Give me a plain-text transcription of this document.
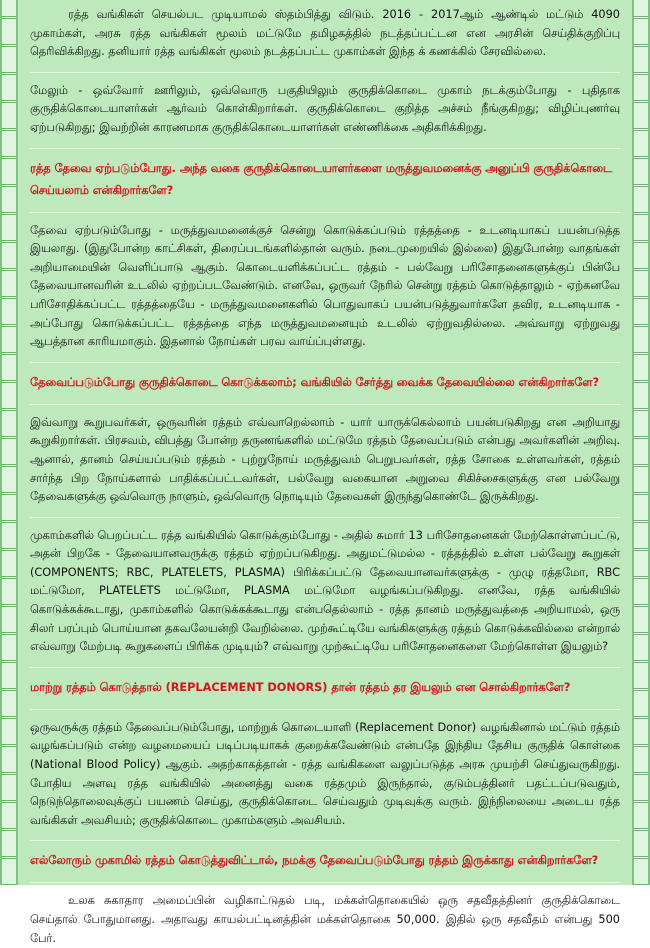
ரத்த வங்கிகள் செயல்பட முடியாமல் ஸ்தம்பித்து விடும். 2016 - 2017ஆம் ஆண்டில் மட்டும் 4090 முகாம்கள், அரசு ரத்த வங்கிகள் மூலம் மட்டுமே தமிழகத்தில் நடத்தப்பட்டன என அரசின் செய்திக்குறிப்பு தெரிவிக்கிறது. தனியார் ரத்த வங்கிகள் மூலம் நடத்தப்பட்ட முகாம்கள் இந்த க் கணக்கில் சேரவில்லை.

மேலும் - ஒவ்வோர் ஊரிலும், ஒவ்வொரு பகுதியிலும் குருதிக்கொடை முகாம் நடக்கும்போது - புதிதாக குருதிக்கொடையாளர்கள் ஆர்வம் கொள்கிறார்கள். குருதிக்கொடை குறித்த அச்சம் நீங்குகிறது; விழிப்புணர்வு ஏற்படுகிறது; இவற்றின் காரணமாக குருதிக்கொடையாளர்கள் எண்ணிக்கை அதிகரிக்கிறது.

ரத்த தேவை ஏற்படும்போது. அந்த வகை குருதிக்கொடையாளர்களை மருத்துவமனைக்கு அனுப்பி குருதிக்கொடை செய்யலாம் என்கிறார்களே?

தேவை ஏற்படும்போது - மருத்துவமனைக்குச் சென்று கொடுக்கப்படும் ரத்தத்தை - உடனடியாகப் பயன்படுத்த இயலாது. (இதுபோன்ற காட்சிகள், திரைப்படங்களில்தான் வரும். நடைமுறையில் இல்லை) இதுபோன்ற வாதங்கள் அறியாமையின் வெளிப்பாடு ஆகும். கொடையளிக்கப்பட்ட ரத்தம் - பல்வேறு பரிசோதனைகளுக்குப் பின்பே தேவையானவரின் உடலில் ஏற்றப்படவேண்டும். எனவே, ஒருவர் நேரில் சென்று ரத்தம் கொடுத்தாலும் - ஏற்கனவே பரிசோதிக்கப்பட்ட ரத்தத்தையே - மருத்துவமனைகளில் பொதுவாகப் பயன்படுத்துவார்களே தவிர, உடனடியாக - அப்போது கொடுக்கப்பட்ட ரத்தத்தை எந்த மருத்துவமனையும் உடலில் ஏற்றுவதில்லை. அவ்வாறு ஏற்றுவது ஆபத்தான காரியமாகும். இதனால் நோய்கள் பரவ வாய்ப்புள்ளது.

தேவைப்படும்போது குருதிக்கொடை கொடுக்கலாம்; வங்கியில் சேர்த்து வைக்க தேவையில்லை என்கிறார்களே?

இவ்வாறு கூறுபவர்கள், ஒருவரின் ரத்தம் எவ்வாறெல்லாம் - யார் யாருக்கெல்லாம் பயன்படுகிறது என அறியாது கூறுகிறார்கள். பிரசவம், விபத்து போன்ற தருணங்களில் மட்டுமே ரத்தம் தேவைப்படும் என்பது அவர்களின் அறிவு. ஆனால், தானம் செய்யப்படும் ரத்தம் - புற்றுநோய் மருத்துவம் பெறுபவர்கள், ரத்த சோகை உள்ளவர்கள், ரத்தம் சார்ந்த பிற நோய்களால் பாதிக்கப்பட்டவர்கள், பல்வேறு வகையான அறுவை சிகிச்சைகளுக்கு என பல்வேறு தேவைகளுக்கு ஒவ்வொரு நாளும், ஒவ்வொரு நொடியும் தேவைகள் இருந்துகொண்டே இருக்கிறது.

முகாம்களில் பெறப்பட்ட ரத்த வங்கியில் கொடுக்கும்போது - அதில் சுமார் 13 பரிசோதனைகள் மேற்கொள்ளப்பட்டு, அதன் பிறகே - தேவையானவருக்கு ரத்தம் ஏற்றப்படுகிறது. அதுமட்டுமல்ல - ரத்தத்தில் உள்ள பல்வேறு கூறுகள் (COMPONENTS; RBC, PLATELETS, PLASMA) பிரிக்கப்பட்டு தேவையானவர்களுக்கு - முழு ரத்தமோ, RBC மட்டுமோ, PLATELETS மட்டுமோ, PLASMA மட்டுமோ வழங்கப்படுகிறது. எனவே, ரத்த வங்கியில் கொடுக்கக்கூடாது, முகாம்களில் கொடுக்கக்கூடாது என்பதெல்லாம் - ரத்த தானம் மருத்துவத்தை அறியாமல், ஒரு சிலர் பரப்பும் பொய்யான தகவலேயன்றி வேறில்லை. முற்கூட்டியே வங்கிகளுக்கு ரத்தம் கொடுக்கவில்லை என்றால் எவ்வாறு மேற்படி கூறுகளைப் பிரிக்க முடியும்? எவ்வாறு முற்கூட்டியே பரிசோதனைகளை மேற்கொள்ள இயலும்?

மாற்று ரத்தம் கொடுத்தால் (REPLACEMENT DONORS) தான் ரத்தம் தர இயலும் என சொல்கிறார்களே?

ஒருவருக்கு ரத்தம் தேவைப்படும்போது, மாற்றுக் கொடையாளி (Replacement Donor) வழங்கினால் மட்டும் ரத்தம் வழங்கப்படும் என்ற வழமையைப் படிப்படியாகக் குறைக்கவேண்டும் என்பதே இந்திய தேசிய குருதிக் கொள்கை (National Blood Policy) ஆகும். அதற்காகத்தான் - ரத்த வங்கிகளை வலுப்படுத்த அரசு முயற்சி செய்துவருகிறது. போதிய அளவு ரத்த வங்கியில் அனைத்து வகை ரத்தமும் இருந்தால், குடும்பத்தினர் பதட்டப்படுவதும், நெடுந்தொலைவுக்குப் பயணம் செய்து, குருதிக்கொடை செய்வதும் முடிவுக்கு வரும். இந்நிலையை அடைய ரத்த வங்கிகள் அவசியம்; குருதிக்கொடை முகாம்களும் அவசியம்.

எல்லோரும் முகாமில் ரத்தம் கொடுத்துவிட்டால், நமக்கு தேவைப்படும்போது ரத்தம் இருக்காது என்கிறார்களே?

உலக சுகாதார அமைப்பின் வழிகாட்டுதல் படி, மக்கள்தொகையில் ஒரு சதவீதத்தினர் குருதிக்கொடை செய்தால் போதுமானது. அதாவது காயல்பட்டினத்தின் மக்கள்தொகை 50,000. இதில் ஒரு சதவீதம் என்பது 500 பேர்.
